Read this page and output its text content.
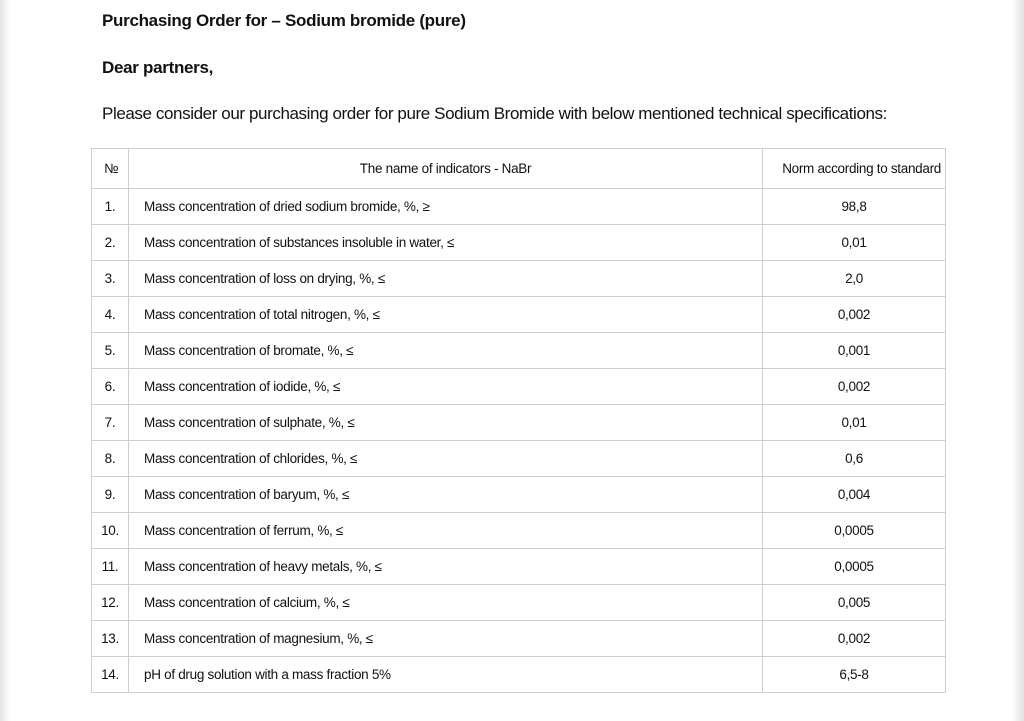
Purchasing Order for – Sodium bromide (pure)
Dear partners,
Please consider our purchasing order for pure Sodium Bromide with below mentioned technical specifications:
№	The name of indicators - NaBr	Norm according to standard
1.	Mass concentration of dried sodium bromide, %, ≥	98,8
2.	Mass concentration of substances insoluble in water, ≤	0,01
3.	Mass concentration of loss on drying, %, ≤	2,0
4.	Mass concentration of total nitrogen, %, ≤	0,002
5.	Mass concentration of bromate, %, ≤	0,001
6.	Mass concentration of iodide, %, ≤	0,002
7.	Mass concentration of sulphate, %, ≤	0,01
8.	Mass concentration of chlorides, %, ≤	0,6
9.	Mass concentration of baryum, %, ≤	0,004
10.	Mass concentration of ferrum, %, ≤	0,0005
11.	Mass concentration of heavy metals, %, ≤	0,0005
12.	Mass concentration of calcium, %, ≤	0,005
13.	Mass concentration of magnesium, %, ≤	0,002
14.	pH of drug solution with a mass fraction 5%	6,5-8
